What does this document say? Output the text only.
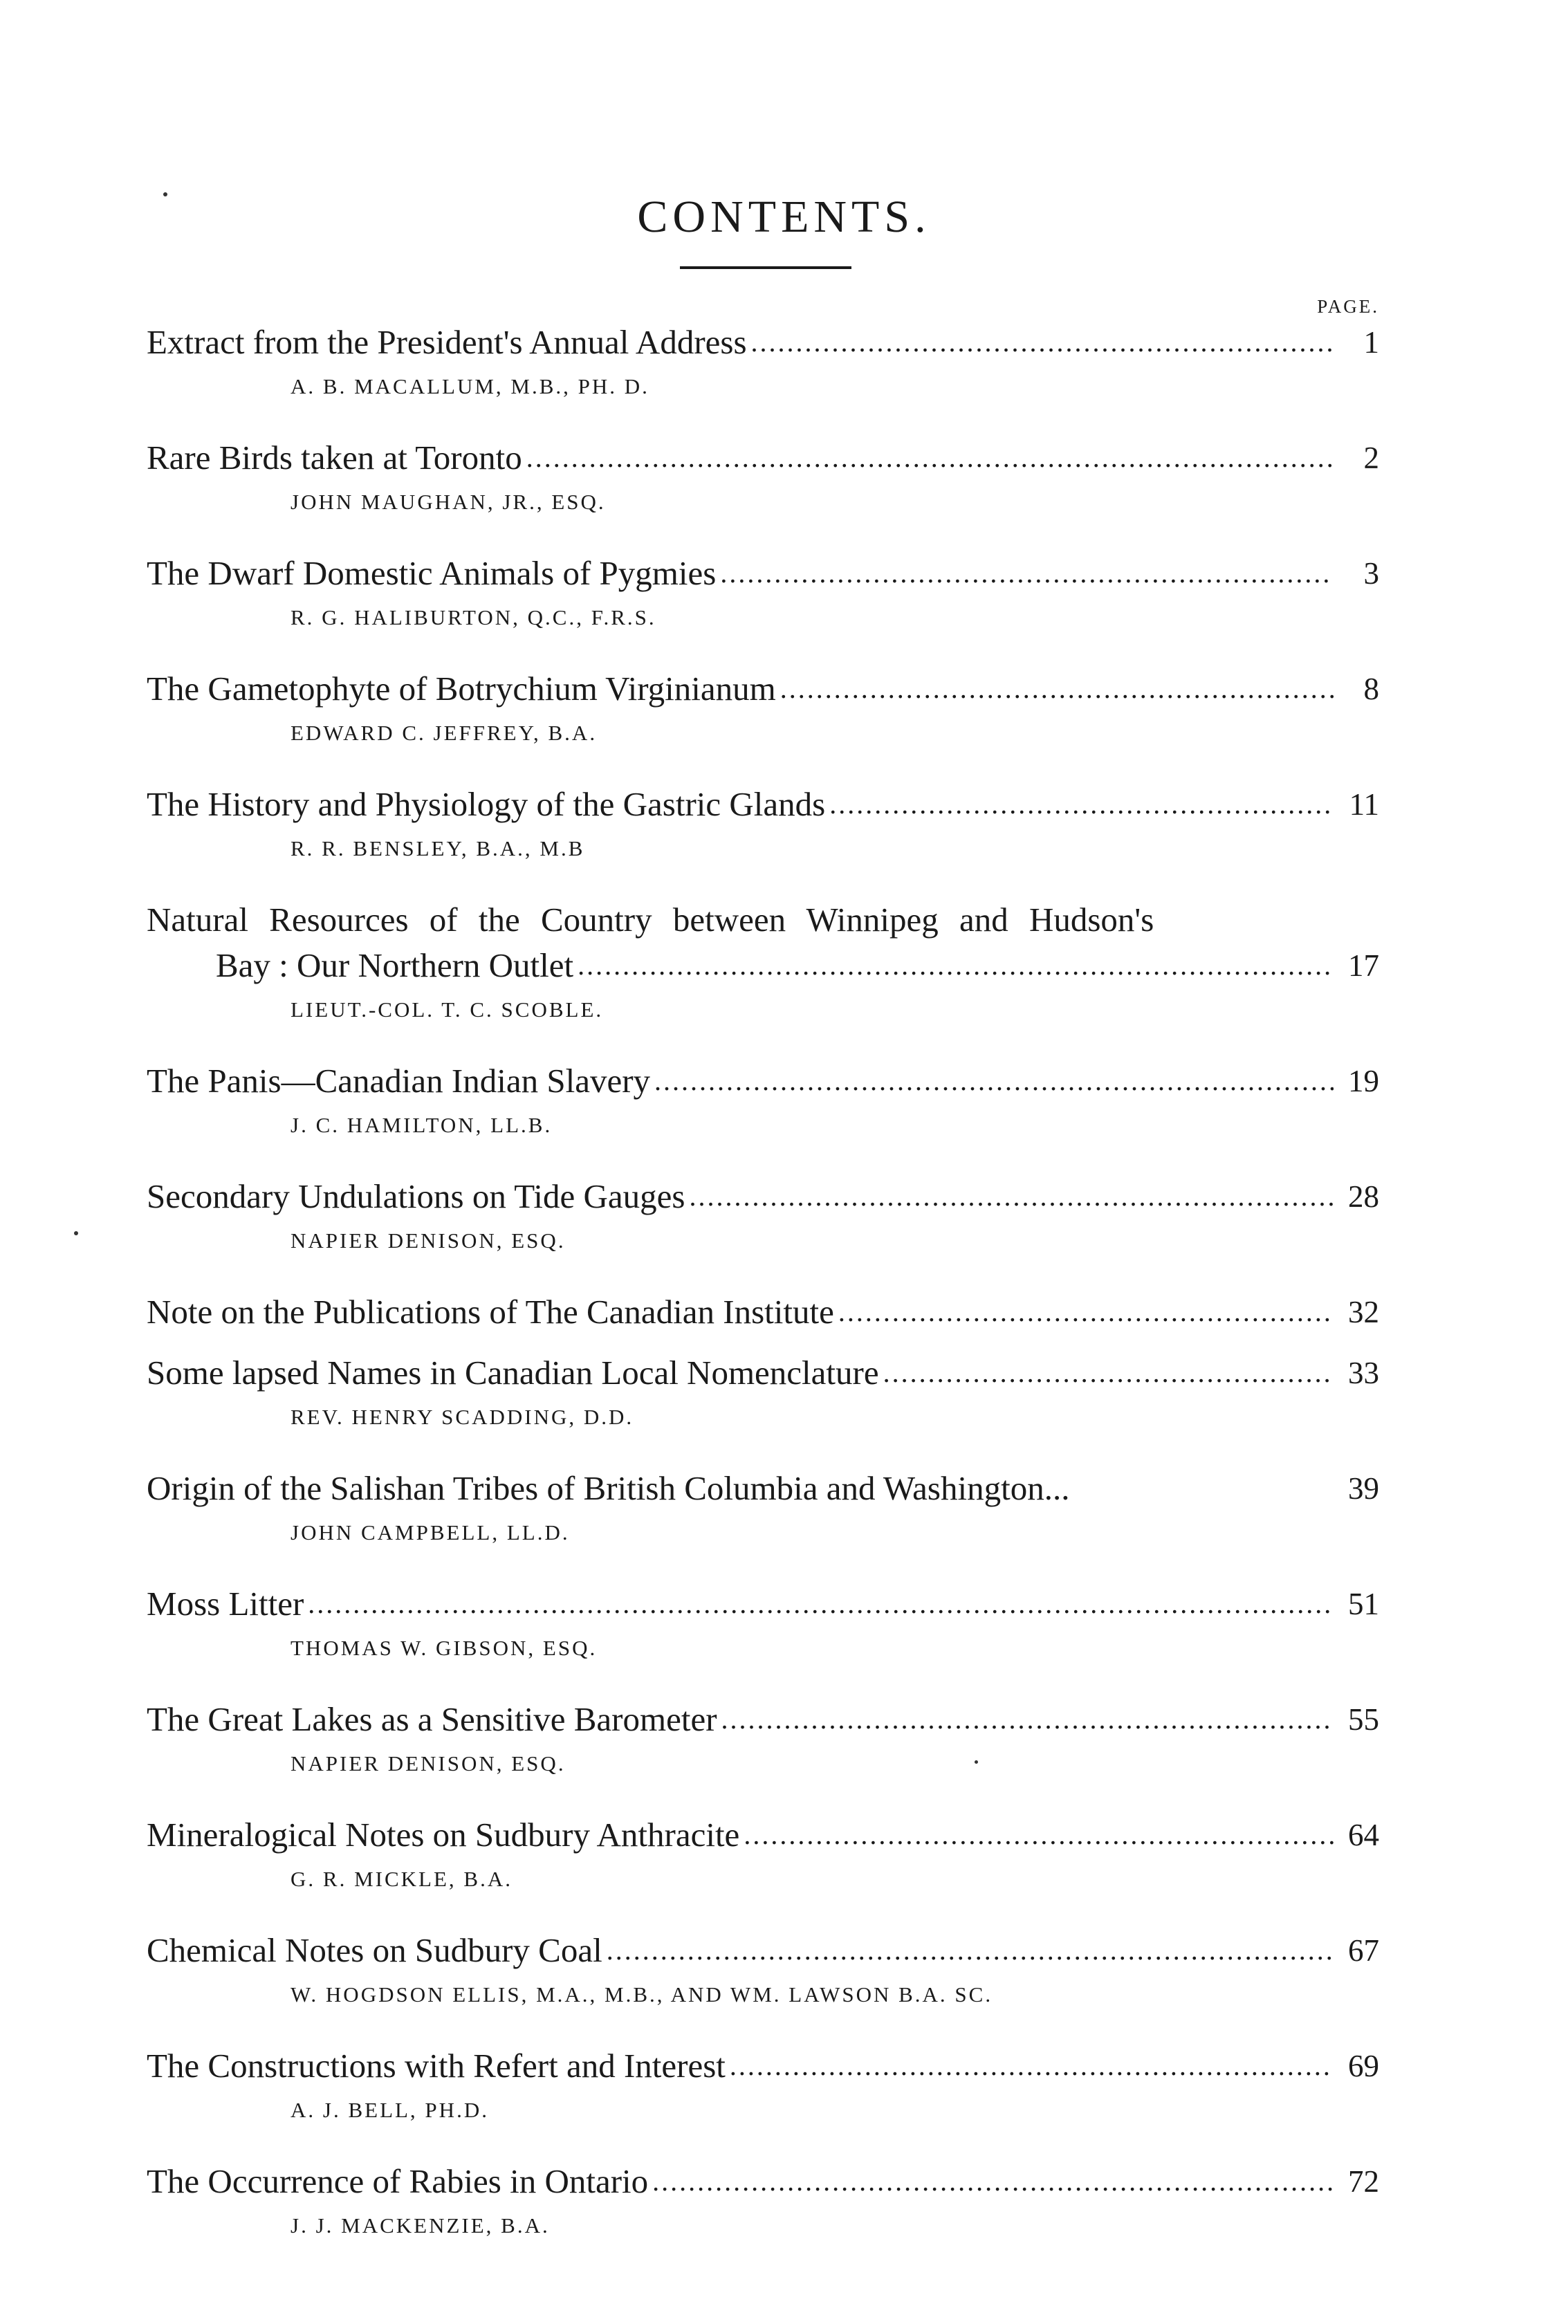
CONTENTS.
PAGE.
Extract from the President's Annual Address .....	1
A. B. MACALLUM, M.B., PH. D.
Rare Birds taken at Toronto .....	2
JOHN MAUGHAN, JR., ESQ.
The Dwarf Domestic Animals of Pygmies .....	3
R. G. HALIBURTON, Q.C., F.R.S.
The Gametophyte of Botrychium Virginianum .....	8
EDWARD C. JEFFREY, B.A.
The History and Physiology of the Gastric Glands .....	11
R. R. BENSLEY, B.A., M.B
Natural Resources of the Country between Winnipeg and Hudson's
Bay : Our Northern Outlet .....	17
LIEUT.-COL. T. C. SCOBLE.
The Panis—Canadian Indian Slavery .....	19
J. C. HAMILTON, LL.B.
Secondary Undulations on Tide Gauges .....	28
NAPIER DENISON, ESQ.
Note on the Publications of The Canadian Institute .....	32
Some lapsed Names in Canadian Local Nomenclature .....	33
REV. HENRY SCADDING, D.D.
Origin of the Salishan Tribes of British Columbia and Washington...	39
JOHN CAMPBELL, LL.D.
Moss Litter .....	51
THOMAS W. GIBSON, ESQ.
The Great Lakes as a Sensitive Barometer .....	55
NAPIER DENISON, ESQ.
Mineralogical Notes on Sudbury Anthracite .....	64
G. R. MICKLE, B.A.
Chemical Notes on Sudbury Coal .....	67
W. HOGDSON ELLIS, M.A., M.B., AND WM. LAWSON B.A. SC.
The Constructions with Refert and Interest .....	69
A. J. BELL, PH.D.
The Occurrence of Rabies in Ontario .....	72
J. J. MACKENZIE, B.A.
